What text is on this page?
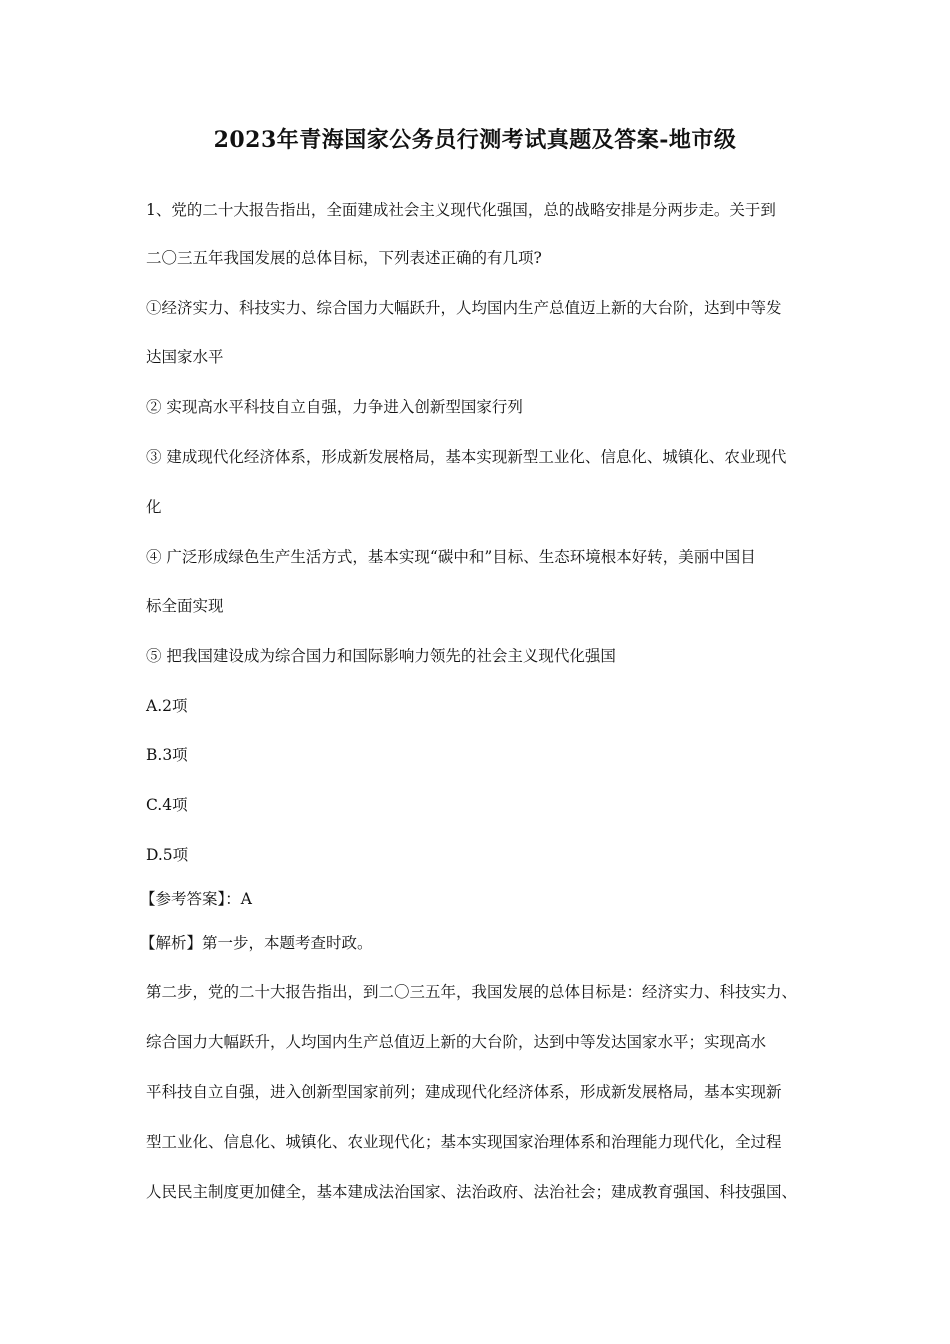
2023年青海国家公务员行测考试真题及答案-地市级
1、党的二十大报告指出，全面建成社会主义现代化强国，总的战略安排是分两步走。关于到
二〇三五年我国发展的总体目标，下列表述正确的有几项?
①经济实力、科技实力、综合国力大幅跃升，人均国内生产总值迈上新的大台阶，达到中等发
达国家水平
② 实现高水平科技自立自强，力争进入创新型国家行列
③ 建成现代化经济体系，形成新发展格局，基本实现新型工业化、信息化、城镇化、农业现代
化
④ 广泛形成绿色生产生活方式，基本实现“碳中和”目标、生态环境根本好转，美丽中国目
标全面实现
⑤ 把我国建设成为综合国力和国际影响力领先的社会主义现代化强国
A.2项
B.3项
C.4项
D.5项
【参考答案】：A
【解析】第一步，本题考查时政。
第二步，党的二十大报告指出，到二〇三五年，我国发展的总体目标是：经济实力、科技实力、
综合国力大幅跃升，人均国内生产总值迈上新的大台阶，达到中等发达国家水平；实现高水
平科技自立自强，进入创新型国家前列；建成现代化经济体系，形成新发展格局，基本实现新
型工业化、信息化、城镇化、农业现代化；基本实现国家治理体系和治理能力现代化，全过程
人民民主制度更加健全，基本建成法治国家、法治政府、法治社会；建成教育强国、科技强国、
